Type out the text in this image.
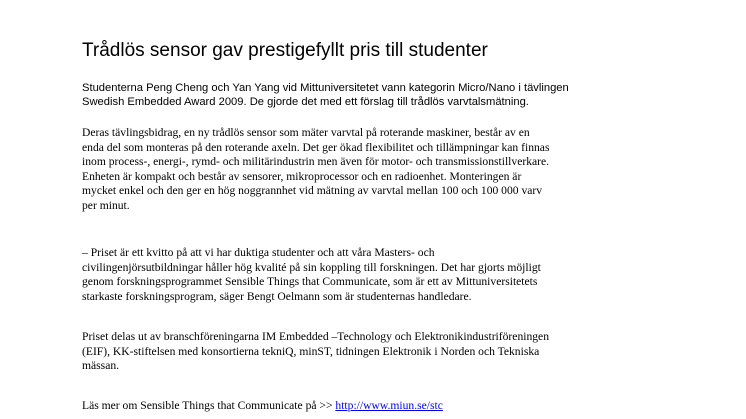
Trådlös sensor gav prestigefyllt pris till studenter

Studenterna Peng Cheng och Yan Yang vid Mittuniversitetet vann kategorin Micro/Nano i tävlingen
Swedish Embedded Award 2009. De gjorde det med ett förslag till trådlös varvtalsmätning.

Deras tävlingsbidrag, en ny trådlös sensor som mäter varvtal på roterande maskiner, består av en
enda del som monteras på den roterande axeln. Det ger ökad flexibilitet och tillämpningar kan finnas
inom process-, energi-, rymd- och militärindustrin men även för motor- och transmissionstillverkare.
Enheten är kompakt och består av sensorer, mikroprocessor och en radioenhet. Monteringen är
mycket enkel och den ger en hög noggrannhet vid mätning av varvtal mellan 100 och 100 000 varv
per minut.

– Priset är ett kvitto på att vi har duktiga studenter och att våra Masters- och
civilingenjörsutbildningar håller hög kvalité på sin koppling till forskningen. Det har gjorts möjligt
genom forskningsprogrammet Sensible Things that Communicate, som är ett av Mittuniversitetets
starkaste forskningsprogram, säger Bengt Oelmann som är studenternas handledare.

Priset delas ut av branschföreningarna IM Embedded –Technology och Elektronikindustriföreningen
(EIF), KK-stiftelsen med konsortierna tekniQ, minST, tidningen Elektronik i Norden och Tekniska
mässan.

Läs mer om Sensible Things that Communicate på >> http://www.miun.se/stc
